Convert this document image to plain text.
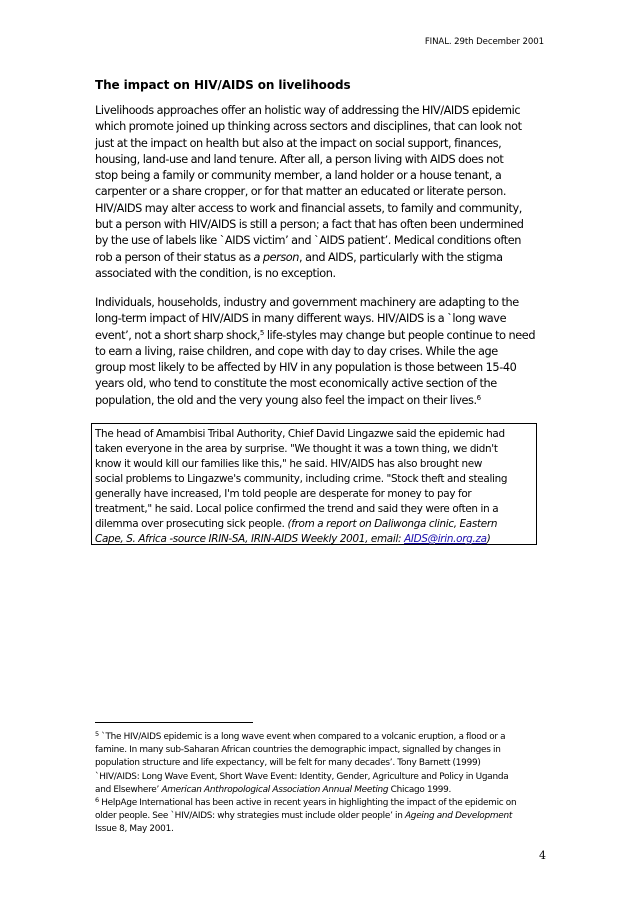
FINAL. 29th December 2001
The impact on HIV/AIDS on livelihoods
Livelihoods approaches offer an holistic way of addressing the HIV/AIDS epidemic
which promote joined up thinking across sectors and disciplines, that can look not
just at the impact on health but also at the impact on social support, finances,
housing, land-use and land tenure. After all, a person living with AIDS does not
stop being a family or community member, a land holder or a house tenant, a
carpenter or a share cropper, or for that matter an educated or literate person.
HIV/AIDS may alter access to work and financial assets, to family and community,
but a person with HIV/AIDS is still a person; a fact that has often been undermined
by the use of labels like `AIDS victim’ and `AIDS patient’. Medical conditions often
rob a person of their status as a person, and AIDS, particularly with the stigma
associated with the condition, is no exception.
Individuals, households, industry and government machinery are adapting to the
long-term impact of HIV/AIDS in many different ways. HIV/AIDS is a `long wave
event’, not a short sharp shock,$^5$ life-styles may change but people continue to need
to earn a living, raise children, and cope with day to day crises. While the age
group most likely to be affected by HIV in any population is those between 15-40
years old, who tend to constitute the most economically active section of the
population, the old and the very young also feel the impact on their lives.$^6$
The head of Amambisi Tribal Authority, Chief David Lingazwe said the epidemic had
taken everyone in the area by surprise. "We thought it was a town thing, we didn't
know it would kill our families like this," he said. HIV/AIDS has also brought new
social problems to Lingazwe's community, including crime. "Stock theft and stealing
generally have increased, I'm told people are desperate for money to pay for
treatment," he said. Local police confirmed the trend and said they were often in a
dilemma over prosecuting sick people. (from a report on Daliwonga clinic, Eastern
Cape, S. Africa -source IRIN-SA, IRIN-AIDS Weekly 2001, email: AIDS@irin.org.za)
$^5$ `The HIV/AIDS epidemic is a long wave event when compared to a volcanic eruption, a flood or a
famine. In many sub-Saharan African countries the demographic impact, signalled by changes in
population structure and life expectancy, will be felt for many decades’. Tony Barnett (1999)
`HIV/AIDS: Long Wave Event, Short Wave Event: Identity, Gender, Agriculture and Policy in Uganda
and Elsewhere’ American Anthropological Association Annual Meeting Chicago 1999.
$^6$ HelpAge International has been active in recent years in highlighting the impact of the epidemic on
older people. See `HIV/AIDS: why strategies must include older people’ in Ageing and Development
Issue 8, May 2001.
4
